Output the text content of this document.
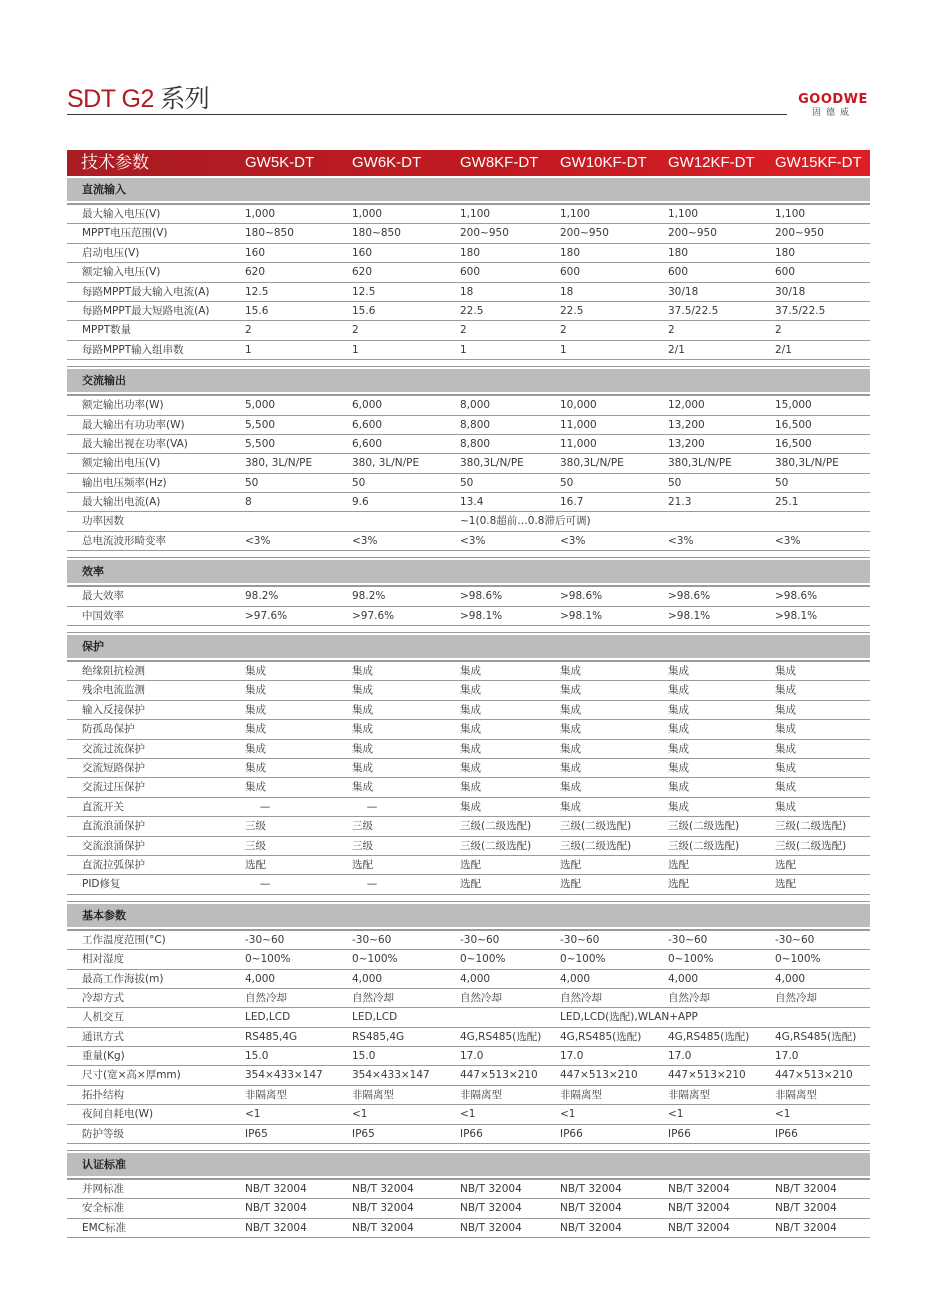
SDT G2 系列	GOODWE
固德威
技术参数	GW5K-DT	GW6K-DT	GW8KF-DT GW10KF-DT GW12KF-DT GW15KF-DT
直流输入
最大输入电压(V)	1,000	1,000	1,100	1,100	1,100	1,100
MPPT电压范围(V)	180~850	180~850	200~950	200~950	200~950	200~950
启动电压(V)	160	160	180	180	180	180
额定输入电压(V)	620	620	600	600	600	600
每路MPPT最大输入电流(A)	12.5	12.5	18	18	30/18	30/18
每路MPPT最大短路电流(A)	15.6	15.6	22.5	22.5	37.5/22.5	37.5/22.5
MPPT数量	2	2	2	2	2	2
每路MPPT输入组串数	1	1	1	1	2/1	2/1
交流输出
额定输出功率(W)	5,000	6,000	8,000	10,000	12,000	15,000
最大输出有功功率(W)	5,500	6,600	8,800	11,000	13,200	16,500
最大输出视在功率(VA)	5,500	6,600	8,800	11,000	13,200	16,500
额定输出电压(V)	380, 3L/N/PE	380, 3L/N/PE	380,3L/N/PE	380,3L/N/PE	380,3L/N/PE	380,3L/N/PE
输出电压频率(Hz)	50	50	50	50	50	50
最大输出电流(A)	8	9.6	13.4	16.7	21.3	25.1
功率因数	~1(0.8超前…0.8滞后可调)
总电流波形畸变率	<3%	<3%	<3%	<3%	<3%	<3%
效率
最大效率	98.2%	98.2%	>98.6%	>98.6%	>98.6%	>98.6%
中国效率	>97.6%	>97.6%	>98.1%	>98.1%	>98.1%	>98.1%
保护
绝缘阻抗检测	集成	集成	集成	集成	集成	集成
残余电流监测	集成	集成	集成	集成	集成	集成
输入反接保护	集成	集成	集成	集成	集成	集成
防孤岛保护	集成	集成	集成	集成	集成	集成
交流过流保护	集成	集成	集成	集成	集成	集成
交流短路保护	集成	集成	集成	集成	集成	集成
交流过压保护	集成	集成	集成	集成	集成	集成
直流开关	—	—	集成	集成	集成	集成
直流浪涌保护	三级	三级	三级(二级选配)	三级(二级选配)	三级(二级选配)	三级(二级选配)
交流浪涌保护	三级	三级	三级(二级选配)	三级(二级选配)	三级(二级选配)	三级(二级选配)
直流拉弧保护	选配	选配	选配	选配	选配	选配
PID修复	—	—	选配	选配	选配	选配
基本参数
工作温度范围(°C)	-30~60	-30~60	-30~60	-30~60	-30~60	-30~60
相对湿度	0~100%	0~100%	0~100%	0~100%	0~100%	0~100%
最高工作海拔(m)	4,000	4,000	4,000	4,000	4,000	4,000
冷却方式	自然冷却	自然冷却	自然冷却	自然冷却	自然冷却	自然冷却
人机交互	LED,LCD	LED,LCD	LED,LCD(选配),WLAN+APP
通讯方式	RS485,4G	RS485,4G	4G,RS485(选配) 4G,RS485(选配)	4G,RS485(选配) 4G,RS485(选配)
重量(Kg)	15.0	15.0	17.0	17.0	17.0	17.0
尺寸(宽×高×厚mm)	354×433×147	354×433×147	447×513×210 447×513×210	447×513×210	447×513×210
拓扑结构	非隔离型	非隔离型	非隔离型	非隔离型	非隔离型	非隔离型
夜间自耗电(W)	<1	<1	<1	<1	<1	<1
防护等级	IP65	IP65	IP66	IP66	IP66	IP66
认证标准
并网标准	NB/T 32004	NB/T 32004	NB/T 32004	NB/T 32004	NB/T 32004	NB/T 32004
安全标准	NB/T 32004	NB/T 32004	NB/T 32004	NB/T 32004	NB/T 32004	NB/T 32004
EMC标准	NB/T 32004	NB/T 32004	NB/T 32004	NB/T 32004	NB/T 32004	NB/T 32004
